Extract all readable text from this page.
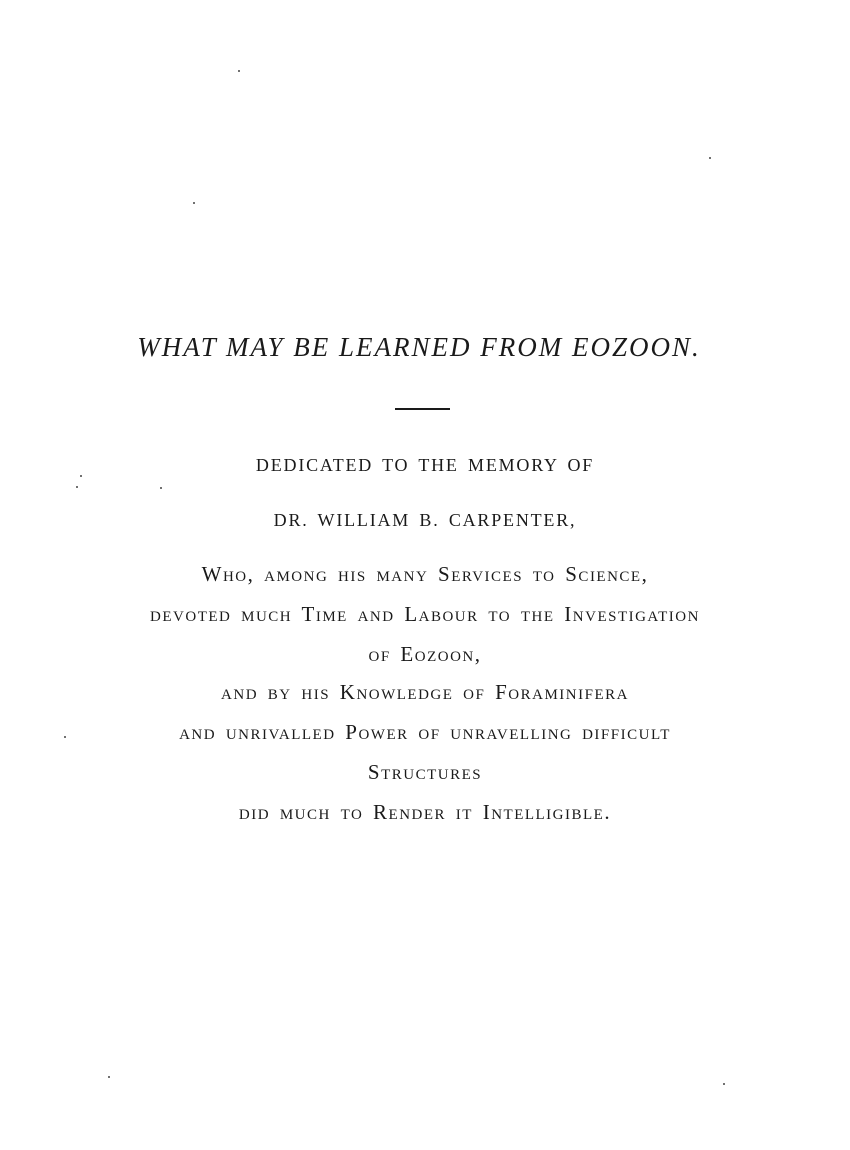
WHAT MAY BE LEARNED FROM EOZOON.
DEDICATED TO THE MEMORY OF
DR. WILLIAM B. CARPENTER,
Who, among his many Services to Science,
devoted much Time and Labour to the Investigation
of Eozoon,
and by his Knowledge of Foraminifera
and unrivalled Power of unravelling difficult
Structures
did much to Render it Intelligible.
